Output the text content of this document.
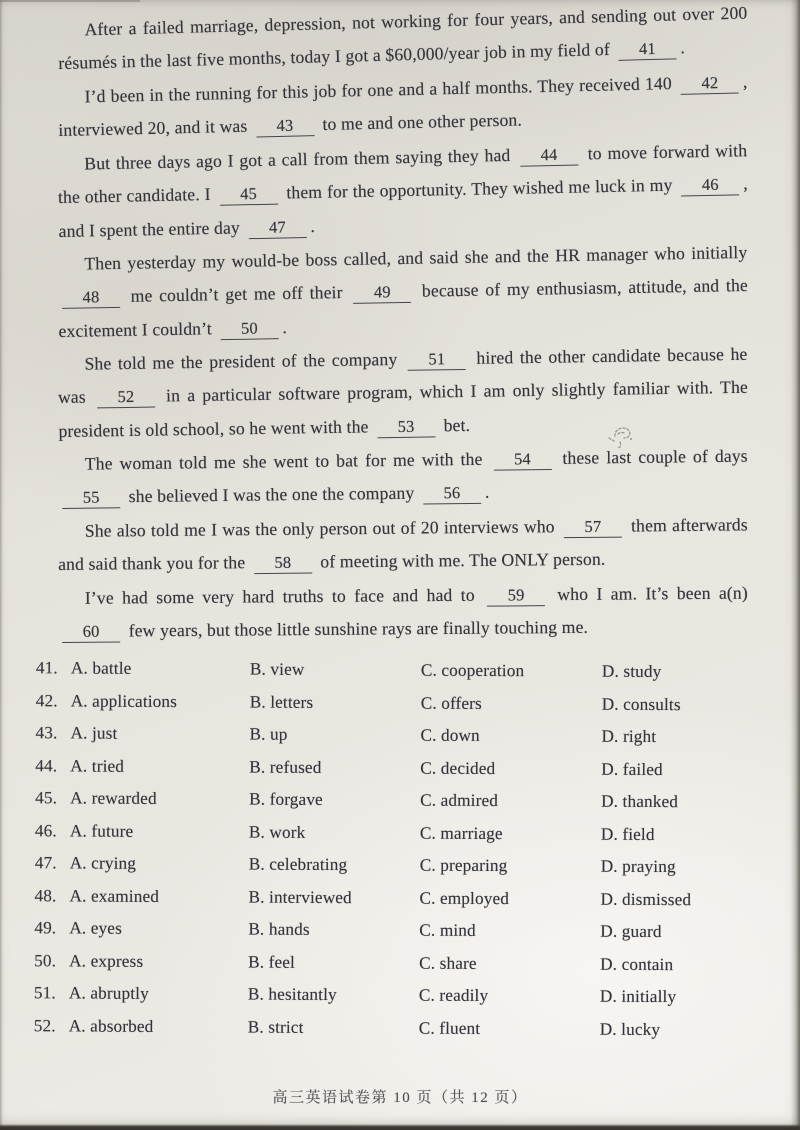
After a failed marriage, depression, not working for four years, and sending out over 200 résumés in the last five months, today I got a $60,000/year job in my field of 41 .

I’d been in the running for this job for one and a half months. They received 140 42 , interviewed 20, and it was 43 to me and one other person.

But three days ago I got a call from them saying they had 44 to move forward with the other candidate. I 45 them for the opportunity. They wished me luck in my 46 , and I spent the entire day 47 .

Then yesterday my would-be boss called, and said she and the HR manager who initially 48 me couldn’t get me off their 49 because of my enthusiasm, attitude, and the excitement I couldn’t 50 .

She told me the president of the company 51 hired the other candidate because he was 52 in a particular software program, which I am only slightly familiar with. The president is old school, so he went with the 53 bet.

The woman told me she went to bat for me with the 54 these last couple of days 55 she believed I was the one the company 56 .

She also told me I was the only person out of 20 interviews who 57 them afterwards and said thank you for the 58 of meeting with me. The ONLY person.

I’ve had some very hard truths to face and had to 59 who I am. It’s been a(n) 60 few years, but those little sunshine rays are finally touching me.

41. A. battle	B. view	C. cooperation	D. study
42. A. applications	B. letters	C. offers	D. consults
43. A. just	B. up	C. down	D. right
44. A. tried	B. refused	C. decided	D. failed
45. A. rewarded	B. forgave	C. admired	D. thanked
46. A. future	B. work	C. marriage	D. field
47. A. crying	B. celebrating	C. preparing	D. praying
48. A. examined	B. interviewed	C. employed	D. dismissed
49. A. eyes	B. hands	C. mind	D. guard
50. A. express	B. feel	C. share	D. contain
51. A. abruptly	B. hesitantly	C. readily	D. initially
52. A. absorbed	B. strict	C. fluent	D. lucky
高三英语试卷第 10 页（共 12 页）
